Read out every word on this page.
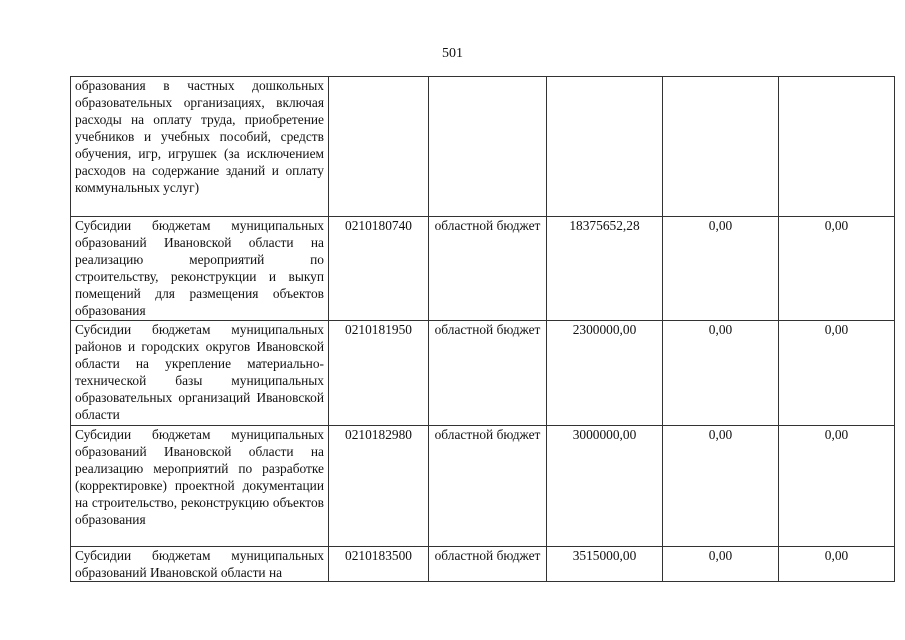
501
образования в частных дошкольных образовательных организациях, включая расходы на оплату труда, приобретение учебников и учебных пособий, средств обучения, игр, игрушек (за исключением расходов на содержание зданий и оплату коммунальных услуг)					
Субсидии бюджетам муниципальных образований Ивановской области на реализацию мероприятий по строительству, реконструкции и выкуп помещений для размещения объектов образования	0210180740	областной бюджет	18375652,28	0,00	0,00
Субсидии бюджетам муниципальных районов и городских округов Ивановской области на укрепление материально-технической базы муниципальных образовательных организаций Ивановской области	0210181950	областной бюджет	2300000,00	0,00	0,00
Субсидии бюджетам муниципальных образований Ивановской области на реализацию мероприятий по разработке (корректировке) проектной документации на строительство, реконструкцию объектов образования	0210182980	областной бюджет	3000000,00	0,00	0,00
Субсидии бюджетам муниципальных образований Ивановской области на	0210183500	областной бюджет	3515000,00	0,00	0,00
